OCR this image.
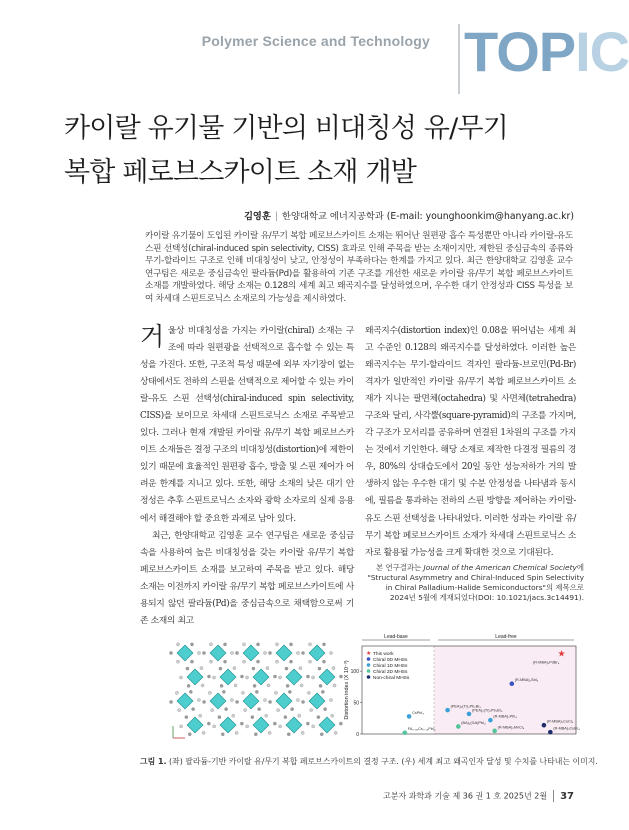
Polymer Science and Technology TOPIC
카이랄 유기물 기반의 비대칭성 유/무기
복합 페로브스카이트 소재 개발
김영훈 | 한양대학교 에너지공학과 (E-mail: younghoonkim@hanyang.ac.kr)

카이랄 유기물이 도입된 카이랄 유/무기 복합 페로브스카이트 소재는 뛰어난 원편광 흡수 특성뿐만 아니라 카이랄-유도 스핀 선택성(chiral-induced spin selectivity, CISS) 효과로 인해 주목을 받는 소재이지만, 제한된 중심금속의 종류와 무기-할라이드 구조로 인해 비대칭성이 낮고, 안정성이 부족하다는 한계를 가지고 있다. 최근 한양대학교 김영훈 교수 연구팀은 새로운 중심금속인 팔라듐(Pd)을 활용하여 기존 구조를 개선한 새로운 카이랄 유/무기 복합 페로브스카이트 소재를 개발하였다. 해당 소재는 0.128의 세계 최고 왜곡지수를 달성하였으며, 우수한 대기 안정성과 CISS 특성을 보여 차세대 스핀트로닉스 소재로의 가능성을 제시하였다.

거울상 비대칭성을 가지는 카이랄(chiral) 소재는 구조에 따라 원편광을 선택적으로 흡수할 수 있는 특성을 가진다. 또한, 구조적 특성 때문에 외부 자기장이 없는 상태에서도 전하의 스핀을 선택적으로 제어할 수 있는 카이랄-유도 스핀 선택성(chiral-induced spin selectivity, CISS)을 보이므로 차세대 스핀트로닉스 소재로 주목받고 있다. 그러나 현재 개발된 카이랄 유/무기 복합 페로브스카이트 소재들은 결정 구조의 비대칭성(distortion)에 제한이 있기 때문에 효율적인 원편광 흡수, 방출 및 스핀 제어가 어려운 한계를 지니고 있다. 또한, 해당 소재의 낮은 대기 안정성은 추후 스핀트로닉스 소자와 광학 소자로의 실제 응용에서 해결해야 할 중요한 과제로 남아 있다.

최근, 한양대학교 김영훈 교수 연구팀은 새로운 중심금속을 사용하여 높은 비대칭성을 갖는 카이랄 유/무기 복합 페로브스카이트 소재를 보고하여 주목을 받고 있다. 해당 소재는 이전까지 카이랄 유/무기 복합 페로브스카이트에 사용되지 않던 팔라듐(Pd)을 중심금속으로 채택함으로써 기존 소재의 최고

왜곡지수(distortion index)인 0.08을 뛰어넘는 세계 최고 수준인 0.128의 왜곡지수를 달성하였다. 이러한 높은 왜곡지수는 무기-할라이드 격자인 팔라듐-브로민(Pd-Br) 격자가 일반적인 카이랄 유/무기 복합 페로브스카이트 소재가 지니는 팔면체(octahedra) 및 사면체(tetrahedra) 구조와 달리, 사각뿔(square-pyramid)의 구조를 가지며, 각 구조가 모서리를 공유하며 연결된 1차원의 구조를 가지는 것에서 기인한다. 해당 소재로 제작한 다결정 필름의 경우, 80%의 상대습도에서 20일 동안 성능저하가 거의 발생하지 않는 우수한 대기 및 수분 안정성을 나타냄과 동시에, 필름을 통과하는 전하의 스핀 방향을 제어하는 카이랄-유도 스핀 선택성을 나타내었다. 이러한 성과는 카이랄 유/무기 복합 페로브스카이트 소재가 차세대 스핀트로닉스 소자로 활용될 가능성을 크게 확대한 것으로 기대된다.

본 연구결과는 Journal of the American Chemical Society에
"Structural Asymmetry and Chiral-Induced Spin Selectivity
in Chiral Palladium-Halide Semiconductors"의 제목으로
2024년 5월에 게재되었다(DOI: 10.1021/jacs.3c14491).
Lead-base	Lead-free
Distortion index (X 10⁻³)
0
50
100
★ This work
Chiral 0D MHSs
Chiral 1D MHSs
Chiral 2D MHSs
Non-chiral MHSs
★
(R-MBA)₂PdBr₄
(R-MBA)₂SbI₅
(PEA)₂(Tr)₂Pb₂Br₆
(PEA)₂(Tr)₂Pb₂Br₆
(R-MBA)₂PbI₄
CsPbI₃
(BA)₂(GA)PbI₄
(R-MBA)₂MnCl₄
FA₀.₈₅Cs₀.₁₅PbI₃
(R-MBA)₂CuCl₄
(R-MBA)₂CuBr₄
그림 1. (좌) 팔라듐-기반 카이랄 유/무기 복합 페로브스카이트의 결정 구조. (우) 세계 최고 왜곡인자 달성 및 수치를 나타내는 이미지.
고분자 과학과 기술 제 36 권 1 호 2025년 2월 37
